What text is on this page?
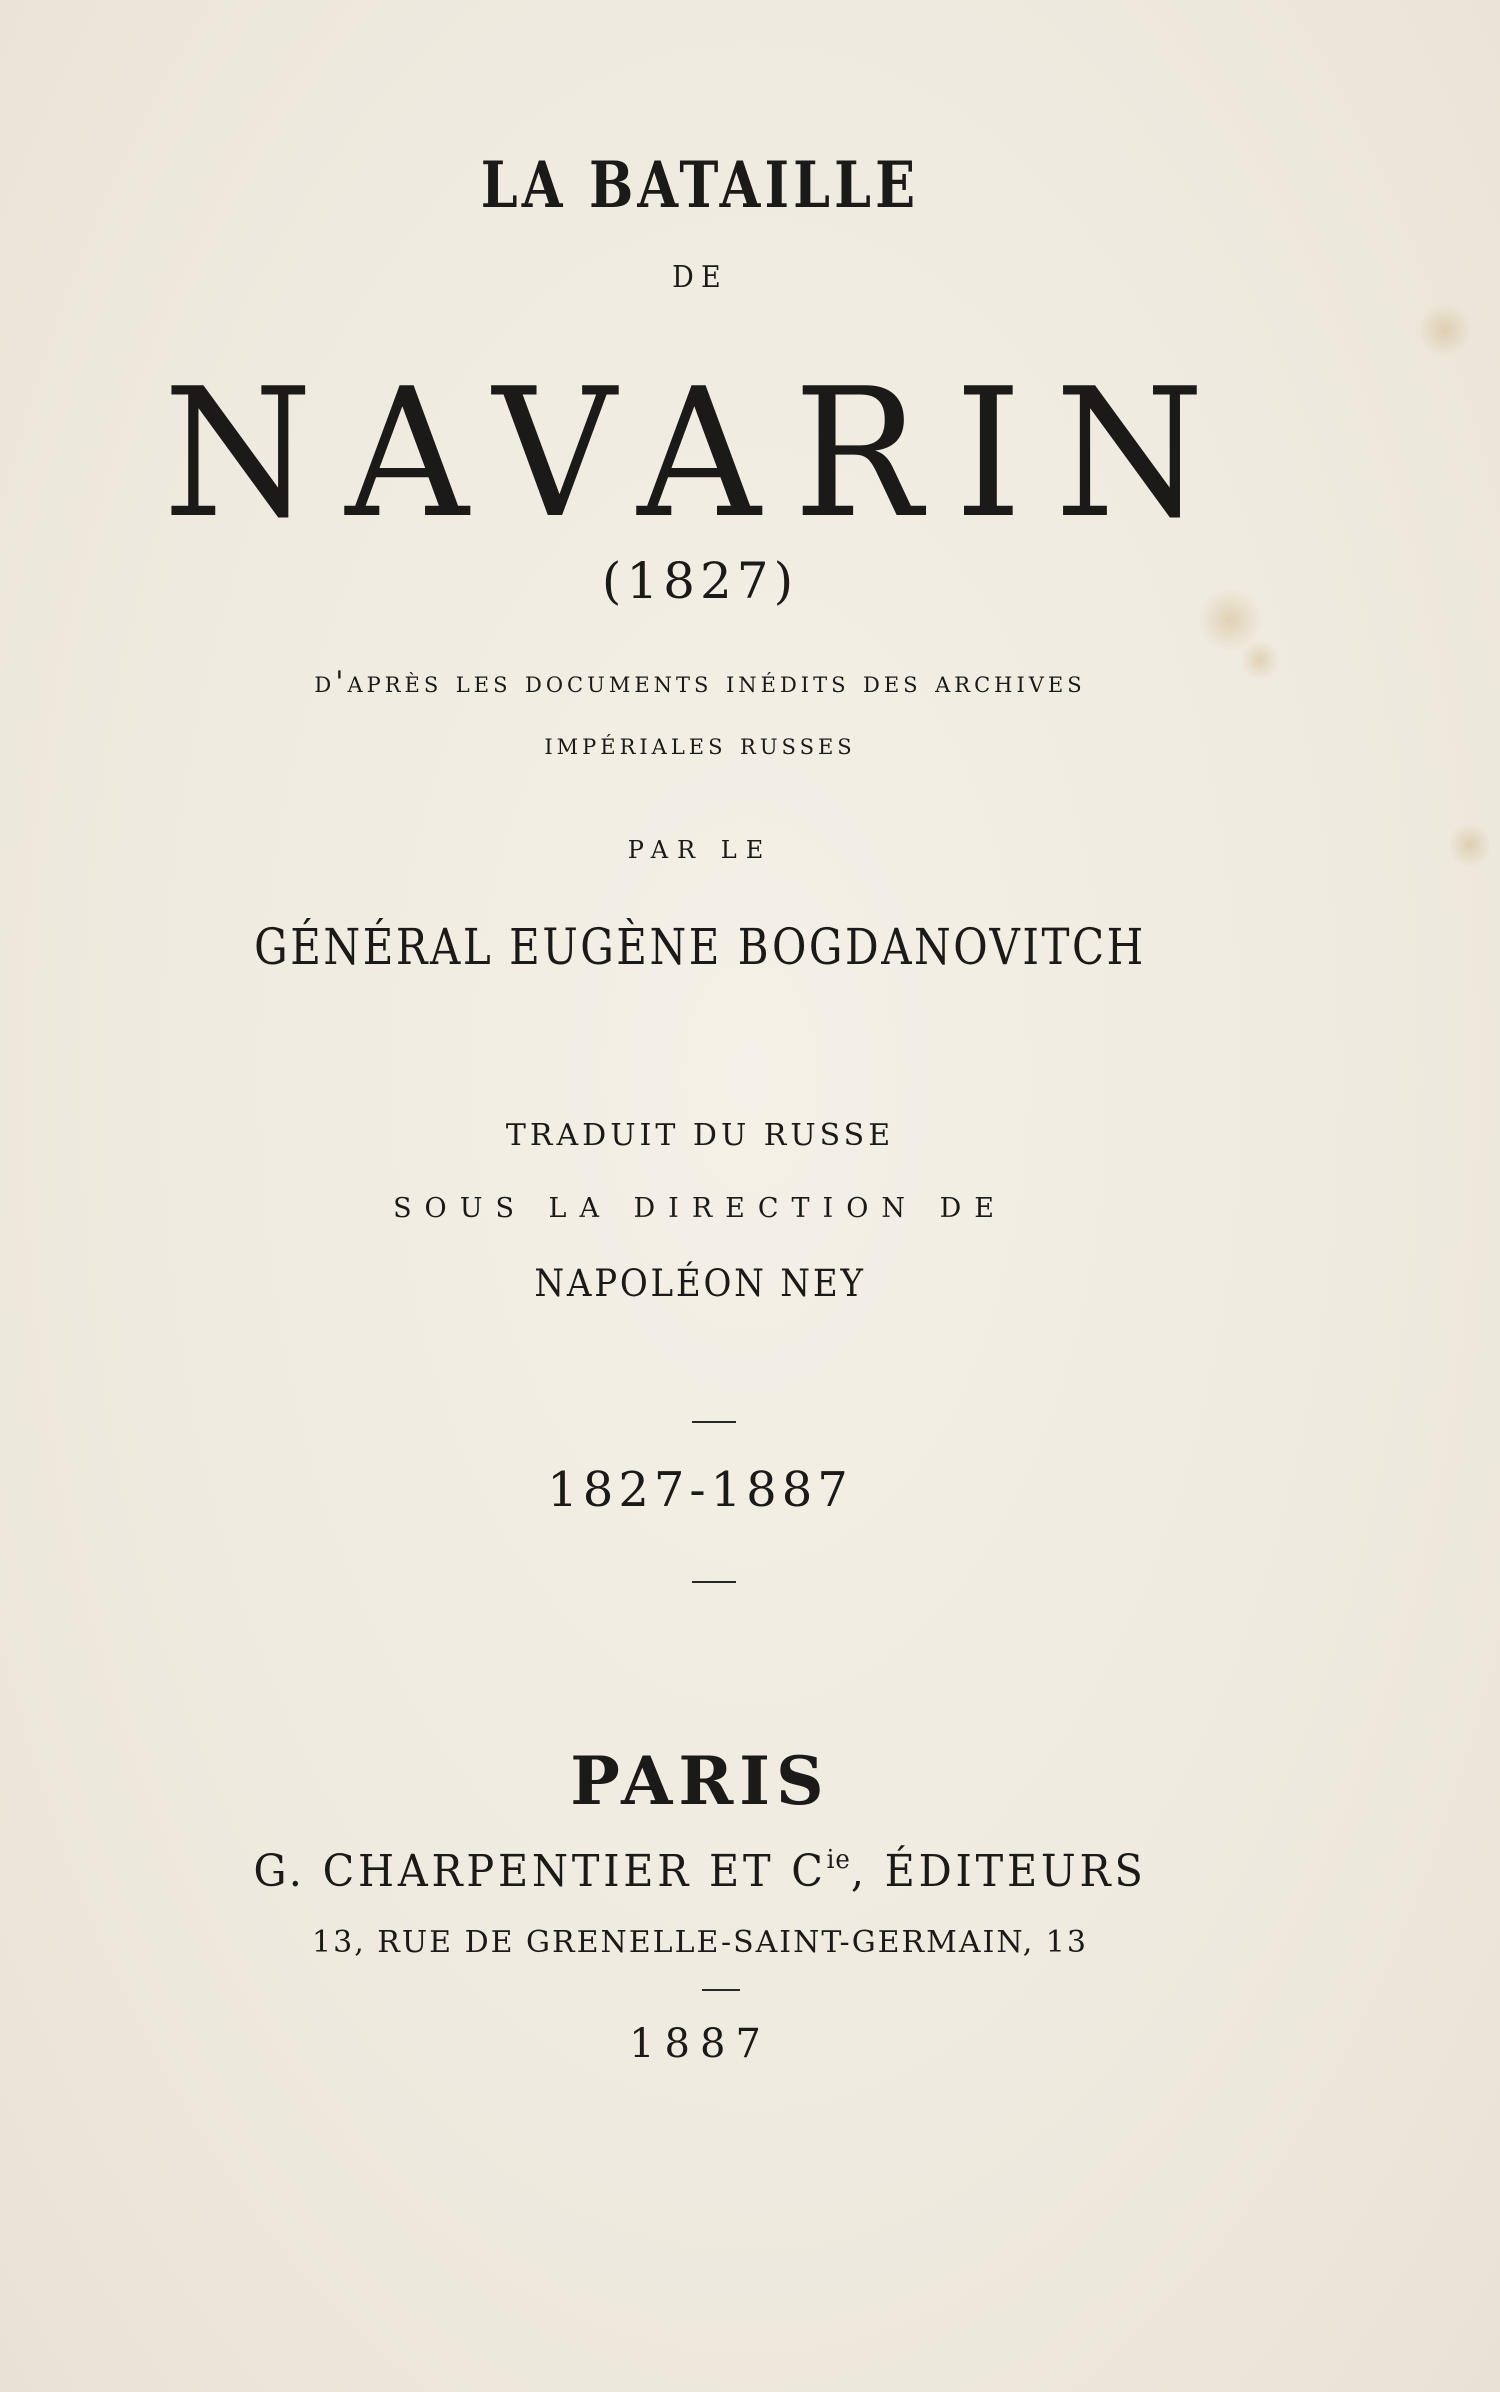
LA BATAILLE
DE
NAVARIN
(1827)
d'après les documents inédits des archives
impériales russes
PAR LE
GÉNÉRAL EUGÈNE BOGDANOVITCH
TRADUIT DU RUSSE
SOUS LA DIRECTION DE
NAPOLÉON NEY
1827-1887
PARIS
G. CHARPENTIER ET $C^{ie}$, ÉDITEURS
13, RUE DE GRENELLE-SAINT-GERMAIN, 13
1887
